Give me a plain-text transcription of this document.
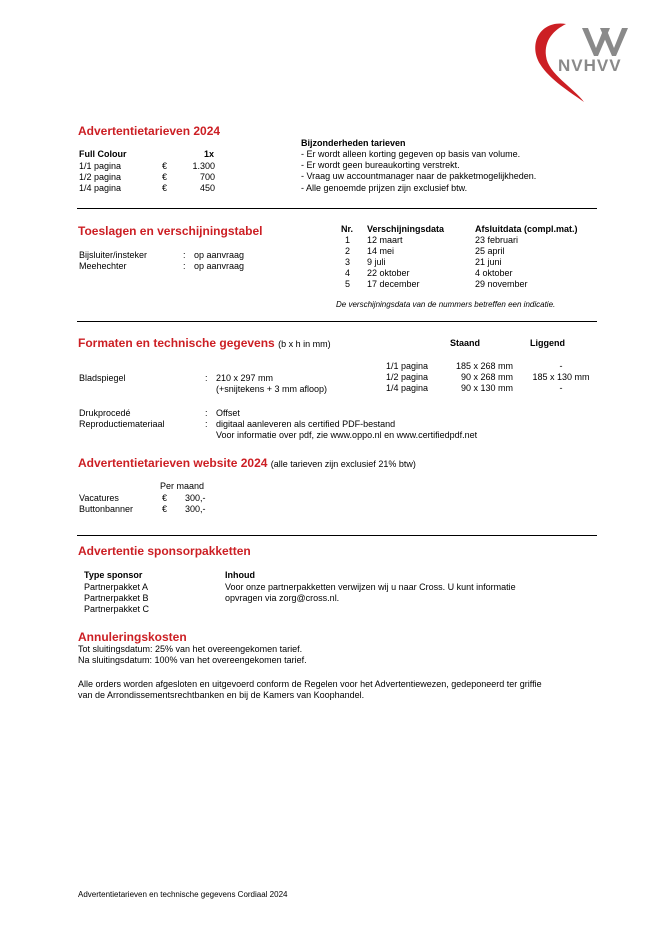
NVHVV
Advertentietarieven 2024
Full Colour	1x
1/1 pagina	€	1.300
1/2 pagina	€	700
1/4 pagina	€	450
Bijzonderheden tarieven
- Er wordt alleen korting gegeven op basis van volume.
- Er wordt geen bureaukorting verstrekt.
- Vraag uw accountmanager naar de pakketmogelijkheden.
- Alle genoemde prijzen zijn exclusief btw.
Toeslagen en verschijningstabel
Bijsluiter/insteker	: op aanvraag
Meehechter	: op aanvraag
Nr. Verschijningsdata	Afsluitdata (compl.mat.)
1 12 maart	23 februari
2 14 mei	25 april
3 9 juli	21 juni
4 22 oktober	4 oktober
5 17 december	29 november
De verschijningsdata van de nummers betreffen een indicatie.
Formaten en technische gegevens (b x h in mm)	Staand	Liggend
1/1 pagina	185 x 268 mm	-
1/2 pagina	90 x 268 mm	185 x 130 mm
1/4 pagina	90 x 130 mm	-
Bladspiegel	: 210 x 297 mm
(+snijtekens + 3 mm afloop)
Drukprocedé	: Offset
Reproductiemateriaal	: digitaal aanleveren als certified PDF-bestand
Voor informatie over pdf, zie www.oppo.nl en www.certifiedpdf.net
Advertentietarieven website 2024 (alle tarieven zijn exclusief 21% btw)
Per maand
Vacatures	€ 300,-
Buttonbanner	€ 300,-
Advertentie sponsorpakketten
Type sponsor	Inhoud
Partnerpakket A
Partnerpakket B
Partnerpakket C
Voor onze partnerpakketten verwijzen wij u naar Cross. U kunt informatie
opvragen via zorg@cross.nl.
Annuleringskosten
Tot sluitingsdatum: 25% van het overeengekomen tarief.
Na sluitingsdatum: 100% van het overeengekomen tarief.
Alle orders worden afgesloten en uitgevoerd conform de Regelen voor het Advertentiewezen, gedeponeerd ter griffie
van de Arrondissementsrechtbanken en bij de Kamers van Koophandel.
Advertentietarieven en technische gegevens Cordiaal 2024
